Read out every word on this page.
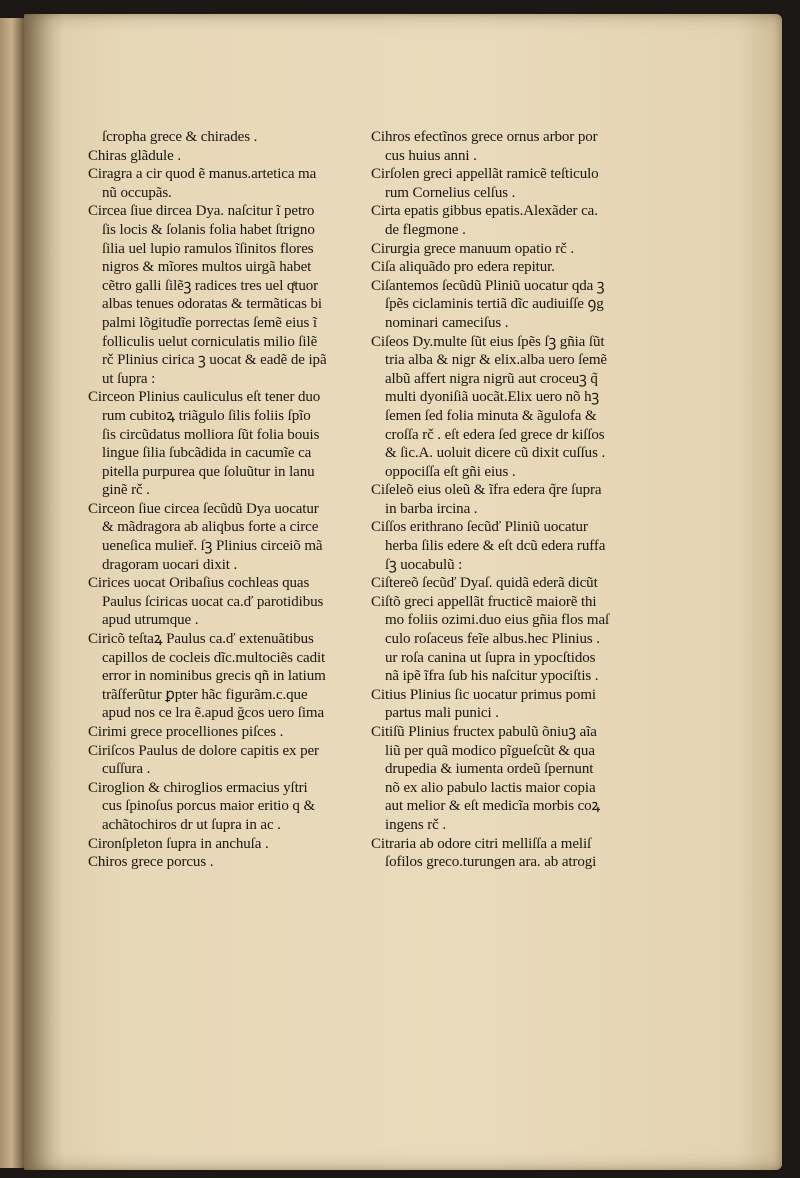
ſcropha grece & chirades .
Chiras glãdule .
Ciragra a cir quod ẽ manus.artetica ma
nũ occupãs.
Circea ſiue dircea Dya. naſcitur ĩ petro
ſis locis & ſolanis folia habet ſtrigno
ſilia uel lupio ramulos ĩſinitos flores
nigros & mĩores multos uirgã habet
cẽtro galli ſilẽꝫ radices tres uel qͭtuor
albas tenues odoratas & termãticas bi
palmi lõgitudĩe porrectas ſemẽ eius ĩ
folliculis uelut corniculatis milio ſilẽ
rč Plinius cirica ꝫ uocat & eadẽ de ipã
ut ſupra :
Circeon Plinius cauliculus eſt tener duo
rum cubitoꝝ triãgulo ſilis foliis ſpĩo
ſis circũdatus molliora ſũt folia bouis
lingue ſilia ſubcãdida in cacumĩe ca
pitella purpurea que ſoluũtur in lanu
ginẽ rč .
Circeon ſiue circea ſecũdũ Dya uocatur
& mãdragora ab aliqbus forte a circe
ueneſica mulieř. ſꝫ Plinius circeiõ mã
dragoram uocari dixit .
Cirices uocat Oribaſius cochleas quas
Paulus ſciricas uocat ca.ď parotidibus
apud utrumque .
Ciricõ teſtaꝝ Paulus ca.ď extenuãtibus
capillos de cocleis dĩc.multociẽs cadit
error in nominibus grecis qñ in latium
trãſferũtur ꝑpter hãc figurãm.c.que
apud nos ce lra ẽ.apud ğcos uero ſima
Cirimi grece procelliones piſces .
Ciriſcos Paulus de dolore capitis ex per
cuſſura .
Ciroglion & chiroglios ermacius yſtri
cus ſpinoſus porcus maior eritio q &
achãtochiros dr ut ſupra in ac .
Cironſpleton ſupra in anchuſa .
Chiros grece porcus .
Cihros efectĩnos grece ornus arbor por
cus huius anni .
Cirſolen greci appellãt ramicẽ teſticulo
rum Cornelius celſus .
Cirta epatis gibbus epatis.Alexãder ca.
de flegmone .
Cirurgia grece manuum opatio rč .
Ciſa aliquãdo pro edera repitur.
Ciſantemos ſecũdũ Pliniũ uocatur qda ꝫ
ſpẽs ciclaminis tertiã dĩc audiuiſſe ꝯg
nominari cameciſus .
Ciſeos Dy.multe ſũt eius ſpẽs ſꝫ gñia ſũt
tria alba & nigr & elix.alba uero ſemẽ
albũ affert nigra nigrũ aut croceuꝫ q̃
multi dyoniſiã uocãt.Elix uero nõ hꝫ
ſemen ſed folia minuta & ãgulofa &
croſſa rč . eſt edera ſed grece dr kiſſos
& ſic.A. uoluit dicere cũ dixit cuſſus .
oppociſſa eſt gñi eius .
Ciſeleõ eius oleũ & ĩfra edera q̃re ſupra
in barba ircina .
Ciſſos erithrano ſecũď Pliniũ uocatur
herba ſilis edere & eſt dcũ edera ruffa
ſꝫ uocabulũ :
Ciſtereõ ſecũď Dyaſ. quidã ederã dicũt
Ciſtõ greci appellãt fructicẽ maiorẽ thi
mo foliis ozimi.duo eius gñia flos maſ
culo roſaceus feĩe albus.hec Plinius .
ur roſa canina ut ſupra in ypocſtidos
nã ipẽ ĩfra ſub his naſcitur ypociſtis .
Citius Plinius ſic uocatur primus pomi
partus mali punici .
Citiſũ Plinius fructex pabulũ õniuꝫ aĩa
liũ per quã modico pĩgueſcũt & qua
drupedia & iumenta ordeũ ſpernunt
nõ ex alio pabulo lactis maior copia
aut melior & eſt medicĩa morbis coꝝ
ingens rč .
Citraria ab odore citri melliſſa a meliſ
ſofilos greco.turungen ara. ab atrogi
